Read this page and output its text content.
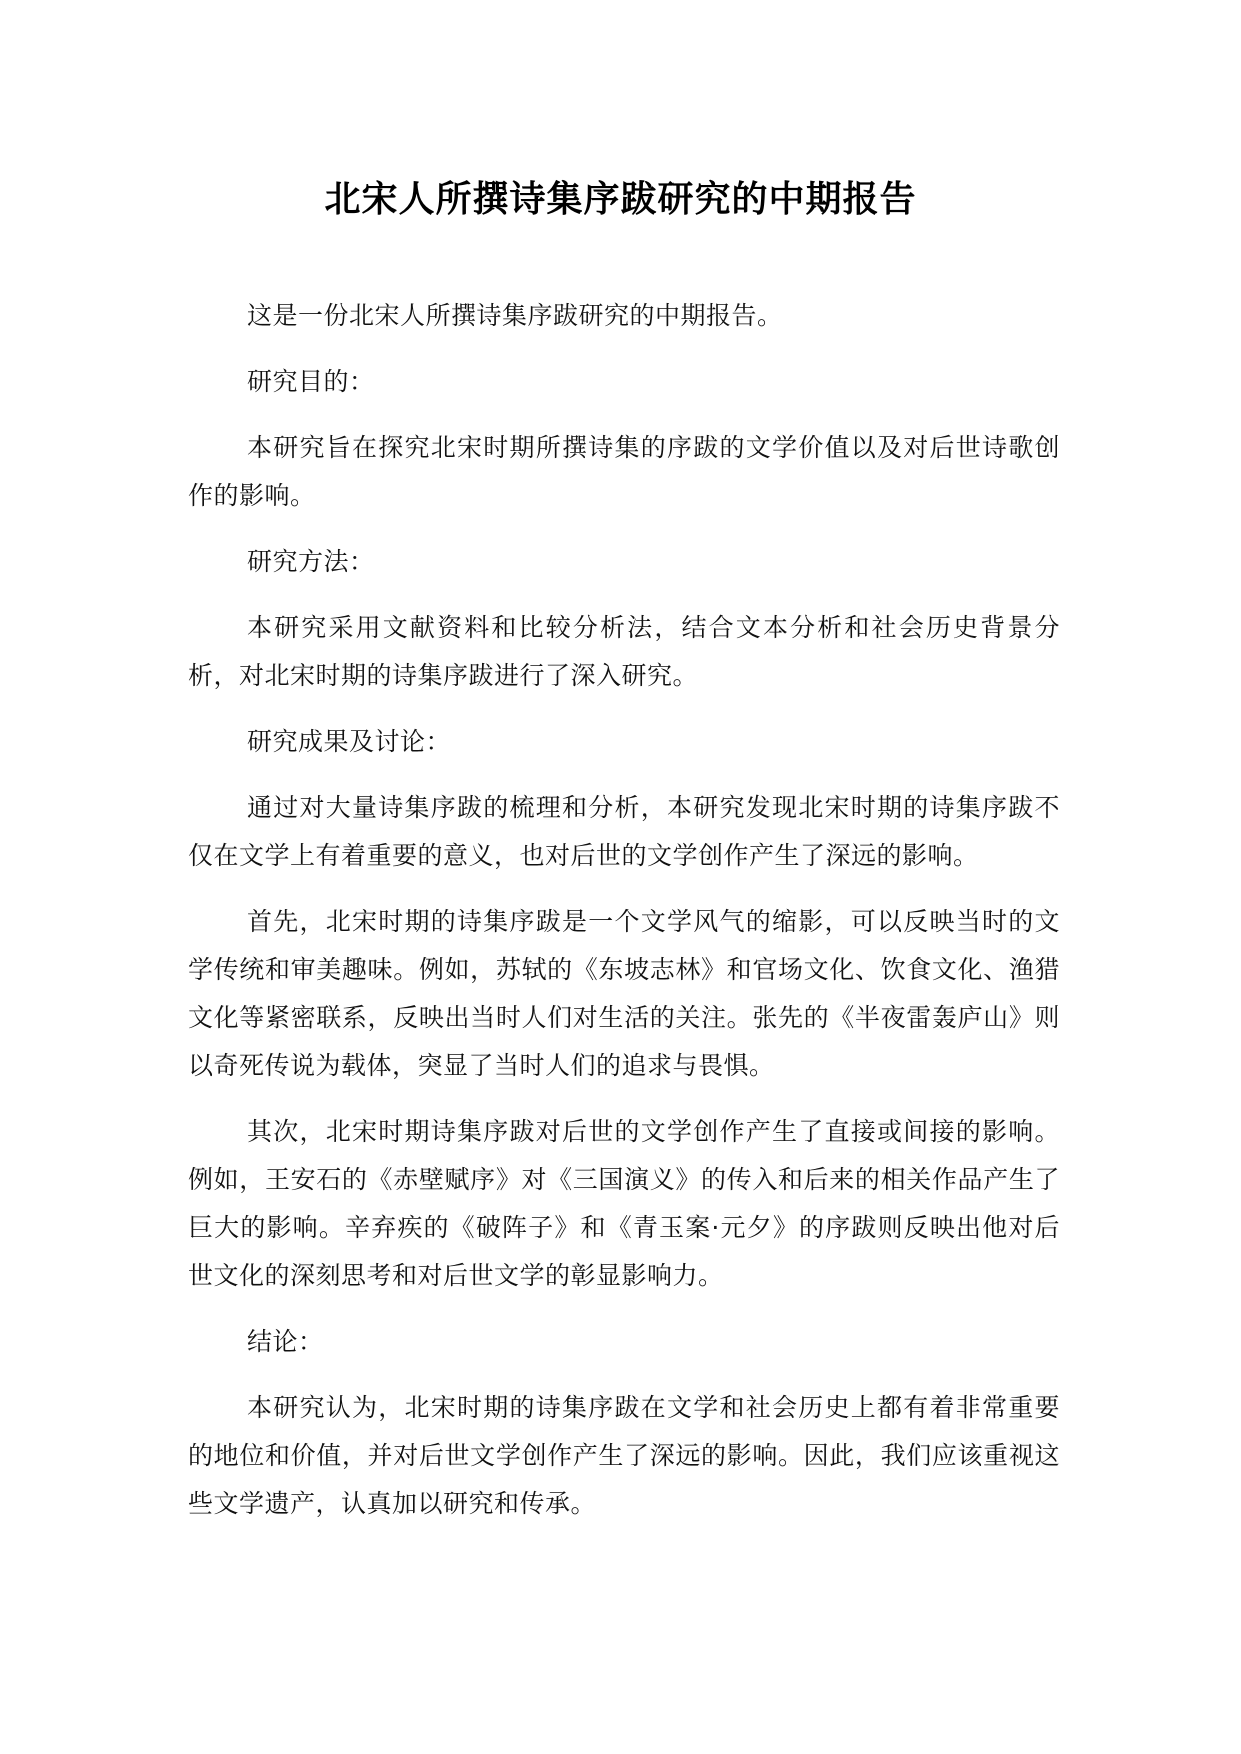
北宋人所撰诗集序跋研究的中期报告

这是一份北宋人所撰诗集序跋研究的中期报告。

研究目的：

本研究旨在探究北宋时期所撰诗集的序跋的文学价值以及对后世诗歌创作的影响。

研究方法：

本研究采用文献资料和比较分析法，结合文本分析和社会历史背景分析，对北宋时期的诗集序跋进行了深入研究。

研究成果及讨论：

通过对大量诗集序跋的梳理和分析，本研究发现北宋时期的诗集序跋不仅在文学上有着重要的意义，也对后世的文学创作产生了深远的影响。

首先，北宋时期的诗集序跋是一个文学风气的缩影，可以反映当时的文学传统和审美趣味。例如，苏轼的《东坡志林》和官场文化、饮食文化、渔猎文化等紧密联系，反映出当时人们对生活的关注。张先的《半夜雷轰庐山》则以奇死传说为载体，突显了当时人们的追求与畏惧。

其次，北宋时期诗集序跋对后世的文学创作产生了直接或间接的影响。例如，王安石的《赤壁赋序》对《三国演义》的传入和后来的相关作品产生了巨大的影响。辛弃疾的《破阵子》和《青玉案·元夕》的序跋则反映出他对后世文化的深刻思考和对后世文学的彰显影响力。

结论：

本研究认为，北宋时期的诗集序跋在文学和社会历史上都有着非常重要的地位和价值，并对后世文学创作产生了深远的影响。因此，我们应该重视这些文学遗产，认真加以研究和传承。
